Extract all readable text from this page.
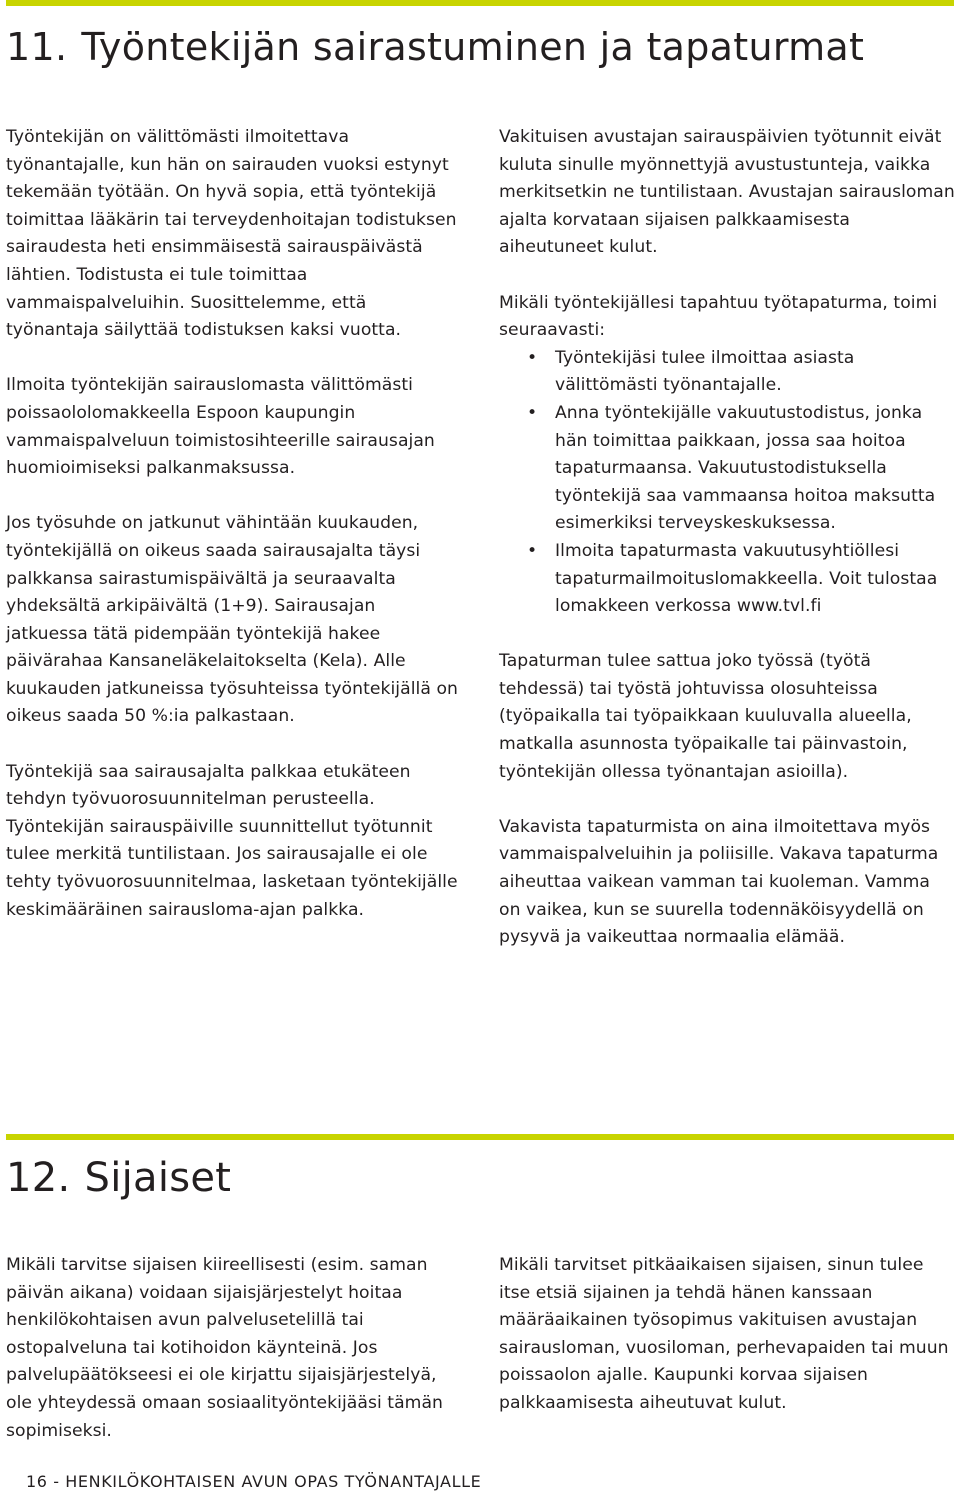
11. Työntekijän sairastuminen ja tapaturmat

Työntekijän on välittömästi ilmoitettava työnantajalle, kun hän on sairauden vuoksi estynyt tekemään työtään. On hyvä sopia, että työntekijä toimittaa lääkärin tai terveydenhoitajan todistuksen sairaudesta heti ensimmäisestä sairauspäivästä lähtien. Todistusta ei tule toimittaa vammaispalveluihin. Suosittelemme, että työnantaja säilyttää todistuksen kaksi vuotta.

Ilmoita työntekijän sairauslomasta välittömästi poissaololomakkeella Espoon kaupungin vammaispalveluun toimistosihteerille sairausajan huomioimiseksi palkanmaksussa.

Jos työsuhde on jatkunut vähintään kuukauden, työntekijällä on oikeus saada sairausajalta täysi palkkansa sairastumispäivältä ja seuraavalta yhdeksältä arkipäivältä (1+9). Sairausajan jatkuessa tätä pidempään työntekijä hakee päivärahaa Kansaneläkelaitokselta (Kela). Alle kuukauden jatkuneissa työsuhteissa työntekijällä on oikeus saada 50 %:ia palkastaan.

Työntekijä saa sairausajalta palkkaa etukäteen tehdyn työvuorosuunnitelman perusteella. Työntekijän sairauspäiville suunnittellut työtunnit tulee merkitä tuntilistaan. Jos sairausajalle ei ole tehty työvuorosuunnitelmaa, lasketaan työntekijälle keskimääräinen sairausloma-ajan palkka.

Vakituisen avustajan sairauspäivien työtunnit eivät kuluta sinulle myönnettyjä avustustunteja, vaikka merkitsetkin ne tuntilistaan. Avustajan sairausloman ajalta korvataan sijaisen palkkaamisesta aiheutuneet kulut.

Mikäli työntekijällesi tapahtuu työtapaturma, toimi seuraavasti:

• Työntekijäsi tulee ilmoittaa asiasta välittömästi työnantajalle.
• Anna työntekijälle vakuutustodistus, jonka hän toimittaa paikkaan, jossa saa hoitoa tapaturmaansa. Vakuutustodistuksella työntekijä saa vammaansa hoitoa maksutta esimerkiksi terveyskeskuksessa.
• Ilmoita tapaturmasta vakuutusyhtiöllesi tapaturmailmoituslomakkeella. Voit tulostaa lomakkeen verkossa www.tvl.fi

Tapaturman tulee sattua joko työssä (työtä tehdessä) tai työstä johtuvissa olosuhteissa (työpaikalla tai työpaikkaan kuuluvalla alueella, matkalla asunnosta työpaikalle tai päinvastoin, työntekijän ollessa työnantajan asioilla).

Vakavista tapaturmista on aina ilmoitettava myös vammaispalveluihin ja poliisille. Vakava tapaturma aiheuttaa vaikean vamman tai kuoleman. Vamma on vaikea, kun se suurella todennäköisyydellä on pysyvä ja vaikeuttaa normaalia elämää.

12. Sijaiset

Mikäli tarvitse sijaisen kiireellisesti (esim. saman päivän aikana) voidaan sijaisjärjestelyt hoitaa henkilökohtaisen avun palvelusetelillä tai ostopalveluna tai kotihoidon käynteinä. Jos palvelupäätökseesi ei ole kirjattu sijaisjärjestelyä, ole yhteydessä omaan sosiaalityöntekijääsi tämän sopimiseksi.

Mikäli tarvitset pitkäaikaisen sijaisen, sinun tulee itse etsiä sijainen ja tehdä hänen kanssaan määräaikainen työsopimus vakituisen avustajan sairausloman, vuosiloman, perhevapaiden tai muun poissaolon ajalle. Kaupunki korvaa sijaisen palkkaamisesta aiheutuvat kulut.

16 - HENKILÖKOHTAISEN AVUN OPAS TYÖNANTAJALLE
